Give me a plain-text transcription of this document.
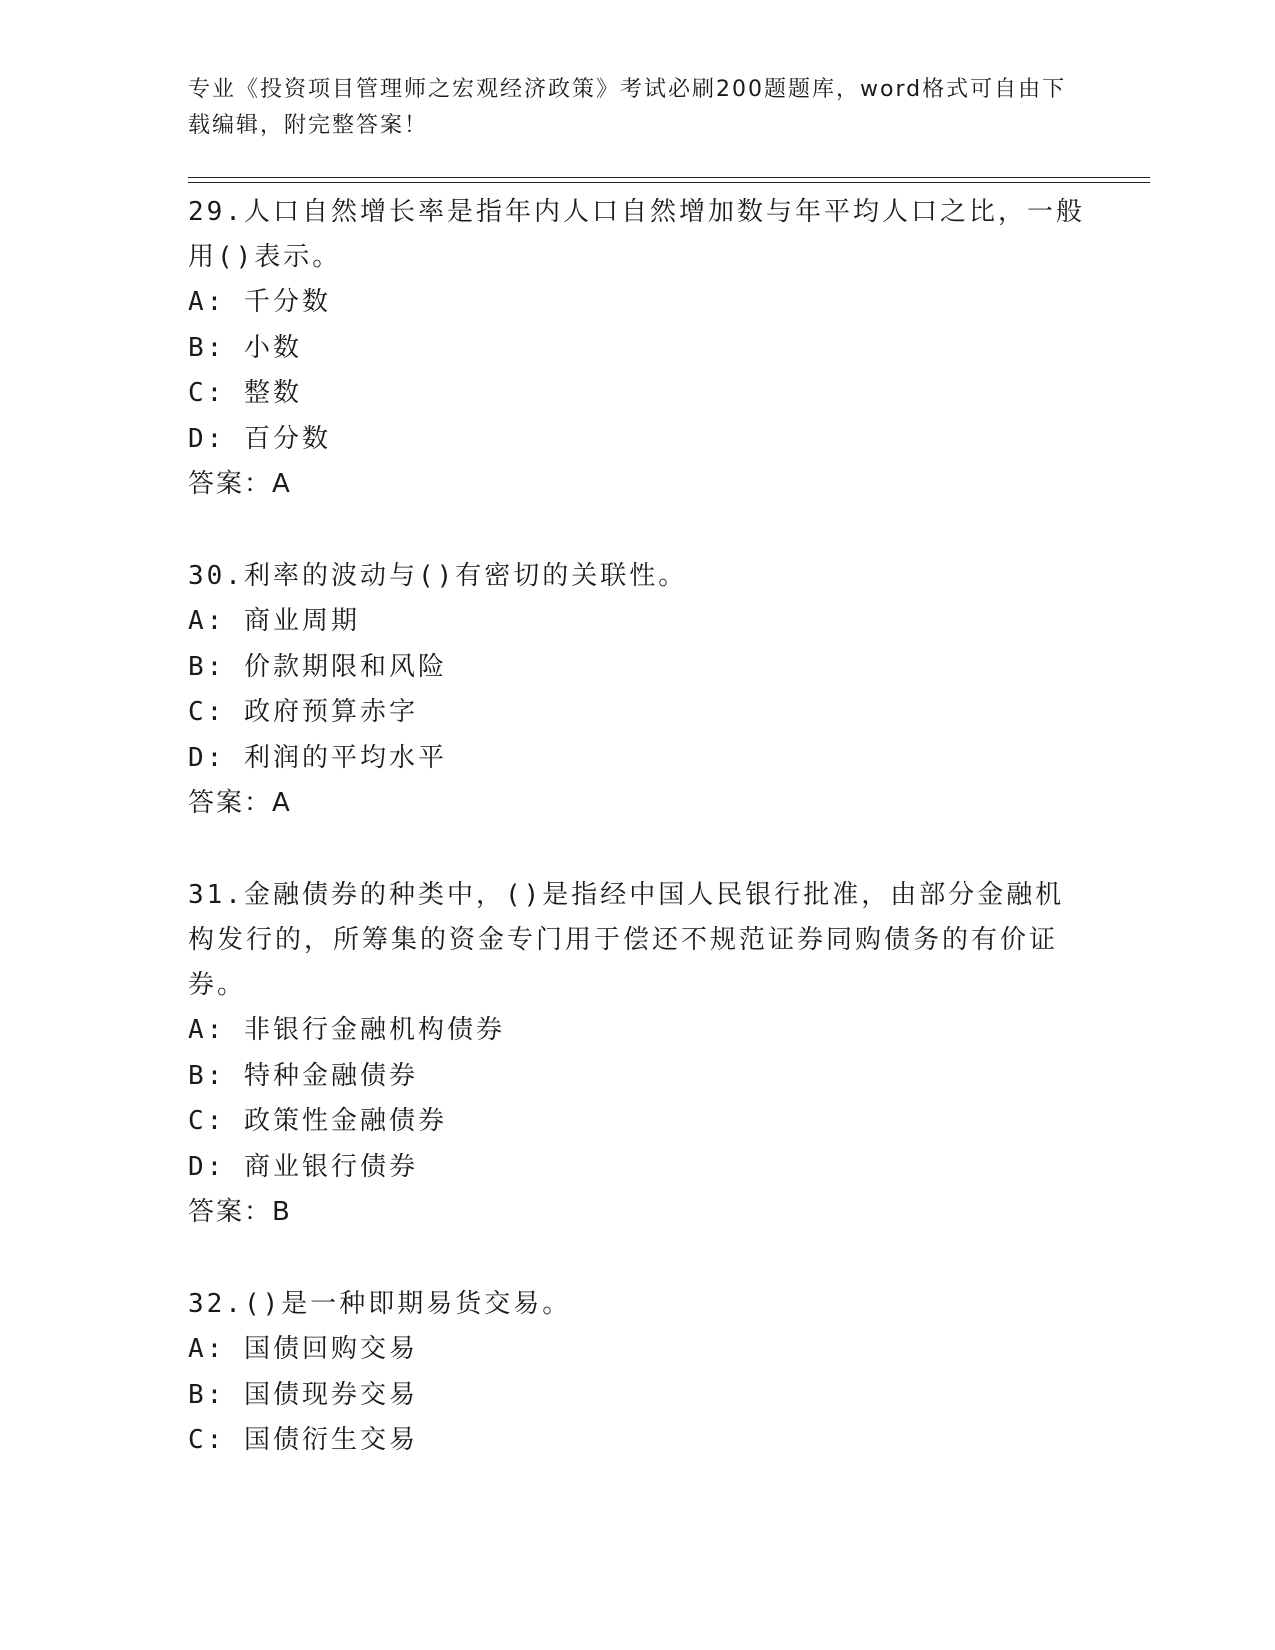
专业《投资项目管理师之宏观经济政策》考试必刷200题题库，word格式可自由下载编辑，附完整答案！

29.人口自然增长率是指年内人口自然增加数与年平均人口之比，一般用()表示。

A: 千分数

B: 小数

C: 整数

D: 百分数

答案：A

30.利率的波动与()有密切的关联性。

A: 商业周期

B: 价款期限和风险

C: 政府预算赤字

D: 利润的平均水平

答案：A

31.金融债券的种类中，()是指经中国人民银行批准，由部分金融机构发行的，所筹集的资金专门用于偿还不规范证券同购债务的有价证券。

A: 非银行金融机构债券

B: 特种金融债券

C: 政策性金融债券

D: 商业银行债券

答案：B

32.()是一种即期易货交易。

A: 国债回购交易

B: 国债现券交易

C: 国债衍生交易
